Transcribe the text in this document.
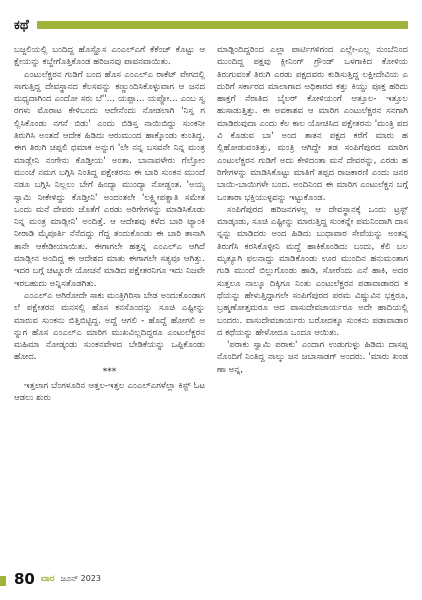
ಕಥೆ

ಬಜ್ಜಲಿಯಲ್ಲಿ ಬಂದಿದ್ದ ಹೊಸ್ಹೊಸ ಎಂಎಲ್‌ಎಗೆ ಕೆಕೆಂಚ್ ಕೊಟ್ಟು ಆ ಕ್ಷೇಯನ್ನು ಕಬ್ಜೇಗೊತ್ತಿಕೊಂಡ ಹರಿಜನವು ಪಾವನವಾಯಿತು.

ಎಂಟುಲೆಕ್ಚರನ ಗುಡಿಗೆ ಬಂದ ಹೊಸ ಎಂಎಲ್‌ಎ ರಾಕೆಟ್ ವೇಗದಲ್ಲಿ ಸಾಗುತ್ತಿದ್ದ ದೇವಸ್ಥಾನದ ಕೆಲಸವನ್ನು ಕಣ್ಣುಂದಿಸಿಕೊಳ್ಳುವಾಗ ಆ ಜನದ ಮಧ್ಯದಾಗಿಂದ ಎಂದೋ ಸರು ಬೆ''... ಯಪ್ಪಾ... ಯಪ್ಪೋ... ಎಂಬ ಸ್ವರಗಳು ಮೊರಾಟ ಕೇಳಿಬಂದು ಆದೇನೆಂದು ನೋಡಲಾಗಿ 'ನಿಸ್ತ ಗಲ್ಲಿಸಿಕೊಂಡು ನಗನೆ ಬಿಡು' ಎಂದು ಬಿಡಿಸ್ತ ನಾಯಿಬಿದ್ದು ಸುಂಕನೀ ತಿರುಗಿಸಿ ಅಂತದೆ ಆದೇಕ ಹಿಡಿದು ಆರುಮುಂದ ಹಾಕ್ಕೊಂಡು ಕುಂತಿದ್ದ. ಈಗ ತಿರುಗಿ ಚಪ್ಪಲಿ ಧಮಾಕ ಅನ್ನುಗ 'ಲೇ ನನ್ನ ಬಸವನೇ ನಿನ್ನ ಮಂತ್ರ ಮಾಡ್ಲೇನಿ ನಂಗೇನು ಕೊಡ್ತೀಯ' ಅಂತಾ. ಬಾನಾವಳೇರು ಗೆಲ್ತೋಂ ಮುಂಚೆ ನಮಗ ಬಗ್ಗಿಸಿ ನಿಂತಿದ್ದ ಪಕ್ಷೇತರನು ಈ ಬಾರಿ ಸುಂಕನ ಮುಂದೆ ನಡೂ ಬಗ್ಗಿಸಿ ನಿಲ್ಲಲು ಬೇಗೆ ಹಿಂದ್ಯಾ ಮುಂದ್ಯಾ ನೋಡ್ದಂತ. 'ಅಯ್ಯ ಸ್ವಾಮಿ ನೀಕೇಳಿದ್ದು ಕೊಡ್ತೀನಿ' ಅಂದಂತಲೇ 'ಲಕ್ಷ್ಮೀಪತ್ನಾತಿ ಸಮೇತ ಒಂದು ಮನೆ ದೇವರು ಜೊತೆಗೆ ಎರಡು ಅರಿಗೇಗಳನ್ನು ಮಾಡಿಸಿಕೊಡು ನಿನ್ನ ಮಂತ್ರ ಮಾಡ್ಲೀನಿ' ಅಂದಿತ್ತೆ. ಆ ಆದೇಶವು ಕಳೆದ ಬಾರಿ ಟ್ಯಾಂಕಿ ನೀರಾಡಿ ಮೈಪೂರ್ತಿ ನೆನೆದದ್ದು ಗೆದ್ದ ತಂದುಕೊಂಡು ಈ ಬಾರಿ ತಾನಾಗಿ ತಾನೇ ಆಕೇಡೀಯಾಯಿತು. ಈಗಾಗಲೇ ಹತ್ತನ್ನ ಎಂಎಲ್‌ಎ ಆಗಿದೆ ಮಾಡ್ಲೀನ ಅಂದಿದ್ದ ಈ ಆದೇಶದ ಮಾತು ಈಗಾಗಲೇ ಸತ್ಯವೂ ಆಗಿತ್ತು. ಇದರ ಬಗ್ಗೆ ಚಟ್ನೂರೇ ಯೋಚನೆ ಮಾಡಿದ ಪಕ್ಷೇತರನಿಗೂ ಇದು ನಿಜವೇ ಇರಬಹುದು ಅನ್ನಿಸತೊಡಗಿತು.

ಎಂಎಲ್‌ಎ ಆಗಿರೋದೇ ಸಾಕು ಮಂತ್ರಿಗಿರಿಸಾ ಬೇಡ ಅಂದುಕೊಂಡಾಗಲೆ ಪಕ್ಷೇತರನ ಮನಸಲ್ಲಿ ಹೊಸ ಕನಸೊಂದನ್ನು ಸೂಚಿ ಎಷ್ಟೀನ್ನು ಮಾರುವ ಸುಂಕನು ಬಿತ್ತಿಬಿಟ್ಟಿದ್ದ. ಅದ್ದೆ ಆಗಲಿ - ಹೊದ್ದೆ ಹೋಗಲಿ ಅನ್ನುಗ ಹೊಸ ಎಂಎಲ್‌ಎ ಮಾರಿಗ ಮುಖವಿಲ್ಲದಿದ್ದರೂ ಎಂಟುಲೆಕ್ಚರನ ಮಹಿಮಾ ನೋಡ್ಕಂಡು ಸುಂಕನವೇಳದ ಬೇಡಿಕೆಯನ್ನು ಒಪ್ಪಿಕೊಂಡು ಹೋದ.

***

ಇತ್ತಲಾಗ ಬೆಂಗಳೂರಿನ ಆತ್ತಲ-ಇತ್ತಲ ಎಂಎಲ್‌ಎಗಳೆಲ್ಲಾ ಕಿಸ್ಟ್ ಓಟ ಆಡಲು ಶುರು

ಮಾಡ್ಪಿಂದಿದ್ದರಿಂದ ಎಲ್ಲಾ ಪಾರ್ಟಿಗಳಿಗಂದ ಎಲ್ಲೇ-ಎಲ್ಲ ನುಂಬೆನಿಂದ ಮುಂದಿದ್ದ ಪಕ್ಷವು ಕ್ಲೀನಿಂಗ್ ಗ್ರೌಂಡ್ ಒಳಗಾಕಿದ ಕೋಳಿಯ ತಿರುಗುವಂತೆ ತಿರುಗಿ ಎರಡು ಪಕ್ಷದವರು ಕುಡಿಸುತ್ತಿದ್ದ ಲಕ್ಷೀದೇವಿಯ ಎದುರಿಗೆ ಸರ್ಕಾರದ ಮಾಲಾಗಾದ ಅಧಿಕಾರದ ಕತ್ತು ಕಿಯ್ದು ಪೂಕ್ತ ಹರಿದು ಹಾಕ್ತಗೆ ನೆರಾತಿದ ಬೈಲರ್ ಕೋಳಿಯಂಗೆ ಆತ್ತೂಲ- ಇತ್ತೂಲ ಹುಸಾಡುತ್ತಿತ್ತು. ಈ ಅವಕಾಶವ ಆ ಮಾರಿಗ ಎಂಟುಲೆಕ್ಚರನ ಸನಗಾಗಿ ಮಾಡಿರುವುದಾ ಎಂದು ಕೆಲ ಕಾಲ ಯೋಚಿಸಿದ ಪಕ್ಷೇತರನು 'ಮಂತ್ರಿ ಪದವಿ ಕೊಡುವ ಬಾ' ಅಂದ ತಾತನ ಪಕ್ಷದ ಕರೆಗೆ ಮಾರು ಹಲ್ಲಿಹೋಡುವಂತಿತ್ತು, ಮಂತ್ರಿ ಆಗಿದ್ದೇ ತಡ ಸಂಪಿಗೆಪುರದ ಮಾರಿಗ ಎಂಟುಲೆಕ್ಚರನ ಗುಡಿಗೆ ಅದು ಕೇಳಿದಂತಾ ಮನೆ ದೇವರನ್ನು, ಎರಡು ಹರಿಗೇಗಳನ್ನು ಮಾಡಿಸಿಕೊಟ್ಟು ಮಾತಿಗೆ ತಪ್ಪದ ರಾಜಕಾರಣಿ ಎಂದು ಜನರ ಬಾಯಿ-ಬಾಯಿಗಳೇ ಬಂದ. ಅಂದಿನಿಂದ ಈ ಮಾರಿಗ ಎಂಟುಲೆಕ್ಚನ ಬಗ್ಗೆ ಒಂತಾರಾ ಭಕ್ತಿಯುಳ್ಳವನ್ನು ಇಟ್ಟುಕೊಂಡ.

ಸಂಪಿಗೆಪುರದ ಹರಿಜನಗಳಲ್ಲ ಆ ದೇವಸ್ಥಾನಕ್ಕೆ ಒಂದು ಟ್ರಸ್ಟ್ ಮಾಡ್ಕಂಡು, ಸೂಚಿ ಎಷ್ಟೀನ್ನು ಮಾರುತ್ತಿದ್ದ ಸುಂಕನ್ನೇ ಪಮನಿಂದಾಗಿ ದಾಸನ್ನನ್ನು ಮಾಡಿದರು ಅಂದ ಹಿಡಿದು ಬುಧಾವಾರ ಸೇವೆಯನ್ನು ಅಂತನ್ನ ತಿರುಗೆಸಿ ಕರಸಿಕೊಳ್ಳೀನಿ ಮದ್ದೆ ಹಾಕಿಕೊಂಡಿದು ಬಂದು, ಕೆಲಿ ಬಲ ಮೃತ್ಯೂಗಿ ಫಲನಾದ್ದು ಮಾಡಿಕೊಂಡು ಊರ ಮುಂದಿನ ಹನುಮಂತಾಗ ಗುಡಿ ಮುಂದೆ ಬಿಲ್ಲುಗೊಂಡು ಹಾಡಿ, ಸೋರೆಂದು ಎನೆ ಹಾಕಿ, ಅದರ ಸುತ್ತಲೂ ನಾಲ್ಕೂ ದಿಕ್ಕಿಗೂ ನಿಂತು ಎಂಟುಲೆಕ್ಚರನ ಪಡಾವಾಡಾರದ ಕಥೆಯನ್ನು ಹೇಳುತ್ತಿದ್ದಾಗಲೇ ಸಂಪಿಗೆಪುರದ ಪರಮ ವಿಷ್ಣುವಿನ ಭಕ್ತರೂ, ಬ್ರಹ್ಮಣೋತ್ತಮರೂ ಆದ ವಾಸುದೇವಚಾರ್ಯರೂ ಅದೇ ಹಾದಿಯಲ್ಲಿ ಬಂದರು. ವಾಸುದೇವಚಾರ್ಯರು ಬರೋದಕ್ಕೂ ಸುಂಕನು ಪಡಾವಾಡಾರದ ಕಥೆಯನ್ನು ಹೇಳೋದೂ ಒಂದೂ ಆಯಿತು.

'ಪರಾಕು ಸ್ವಾಮಿ ಪರಾಕು' ಎಂದಾಗ ಉಡುಗುಳ್ಳು ಹಿಡಿದು ದಾಸಪ್ಪನೊಂದಿಗೆ ನಿಂತಿದ್ದ ನಾಲ್ಕು ಜನ ಜಬಾಸಾಡಗ್ ಅಂದರು. 'ಮಾರು ಖಂಡಣಾ ಅನ್ನ,

80 ವಾರ ಜೂನ್ 2023
